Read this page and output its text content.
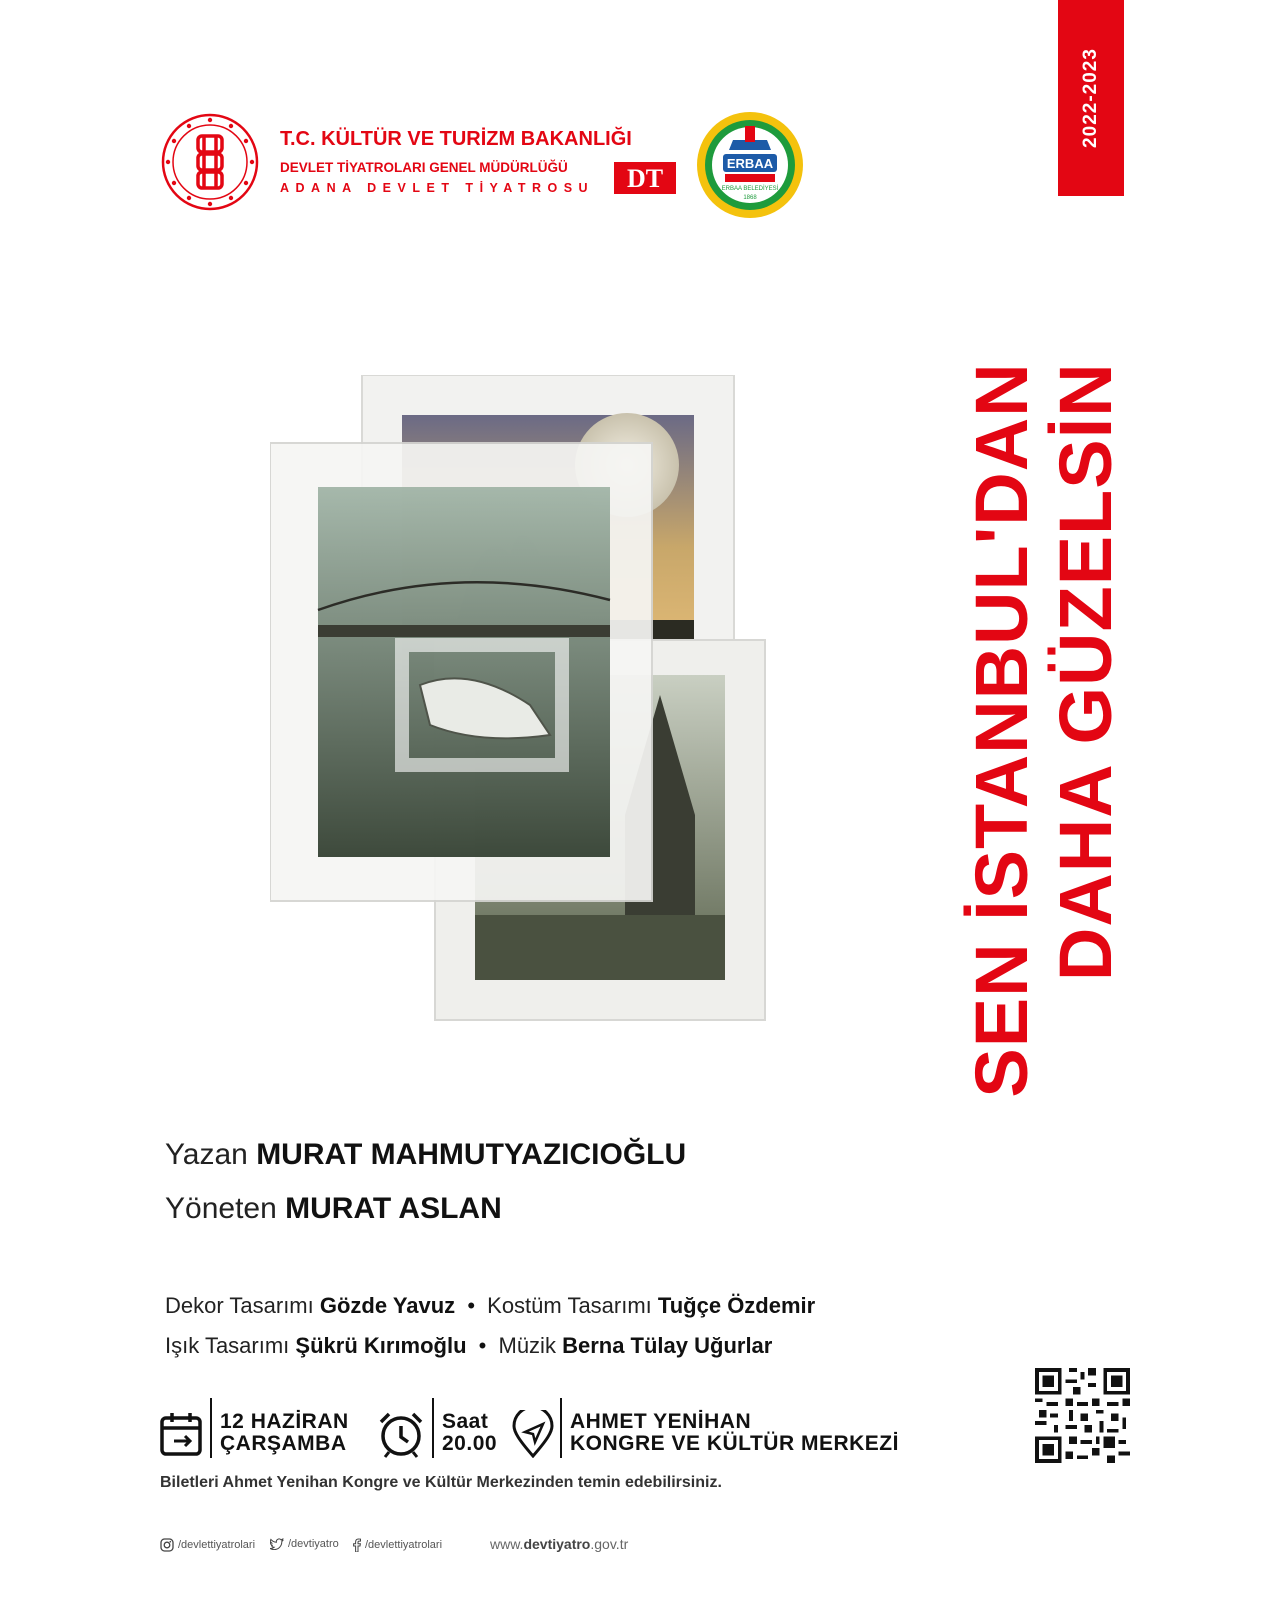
2022-2023
T.C. KÜLTÜR VE TURİZM BAKANLIĞI
DEVLET TİYATROLARI GENEL MÜDÜRLÜĞÜ
ADANA DEVLET TİYATROSU DT
ERBAA
ERBAA BELEDİYESİ
1868
SEN İSTANBUL'DAN DAHA GÜZELSİN
Yazan MURAT MAHMUTYAZICIOĞLU
Yöneten MURAT ASLAN
Dekor Tasarımı Gözde Yavuz • Kostüm Tasarımı Tuğçe Özdemir
Işık Tasarımı Şükrü Kırımoğlu • Müzik Berna Tülay Uğurlar
12 HAZİRAN
ÇARŞAMBA
Saat
20.00
AHMET YENİHAN
KONGRE VE KÜLTÜR MERKEZİ
Biletleri Ahmet Yenihan Kongre ve Kültür Merkezinden temin edebilirsiniz.
/devlettiyatrolari	/devtiyatro /devlettiyatrolari	www.devtiyatro.gov.tr
